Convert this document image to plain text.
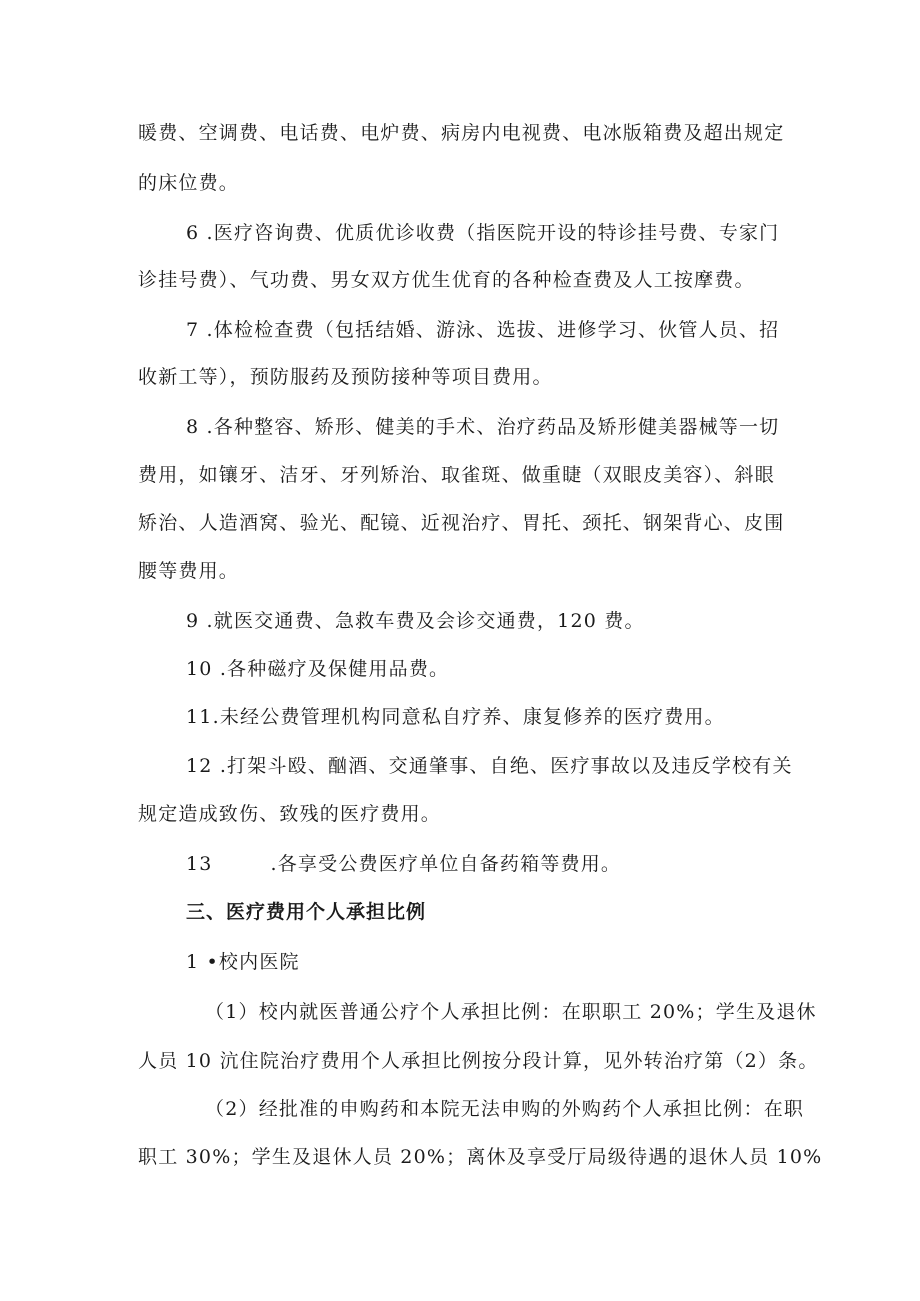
暖费、空调费、电话费、电炉费、病房内电视费、电冰版箱费及超出规定
的床位费。
6 .医疗咨询费、优质优诊收费（指医院开设的特诊挂号费、专家门
诊挂号费）、气功费、男女双方优生优育的各种检查费及人工按摩费。
7 .体检检查费（包括结婚、游泳、选拔、进修学习、伙管人员、招
收新工等），预防服药及预防接种等项目费用。
8 .各种整容、矫形、健美的手术、治疗药品及矫形健美器械等一切
费用，如镶牙、洁牙、牙列矫治、取雀斑、做重睫（双眼皮美容）、斜眼
矫治、人造酒窝、验光、配镜、近视治疗、胃托、颈托、钢架背心、皮围
腰等费用。
9 .就医交通费、急救车费及会诊交通费，120 费。
10 .各种磁疗及保健用品费。
11.未经公费管理机构同意私自疗养、康复修养的医疗费用。
12 .打架斗殴、酗酒、交通肇事、自绝、医疗事故以及违反学校有关
规定造成致伤、致残的医疗费用。
13        .各享受公费医疗单位自备药箱等费用。
三、医疗费用个人承担比例
1 •校内医院
（1）校内就医普通公疗个人承担比例：在职职工 20%；学生及退休
人员 10 沆住院治疗费用个人承担比例按分段计算，见外转治疗第（2）条。
（2）经批准的申购药和本院无法申购的外购药个人承担比例：在职
职工 30%；学生及退休人员 20%；离休及享受厅局级待遇的退休人员 10%
